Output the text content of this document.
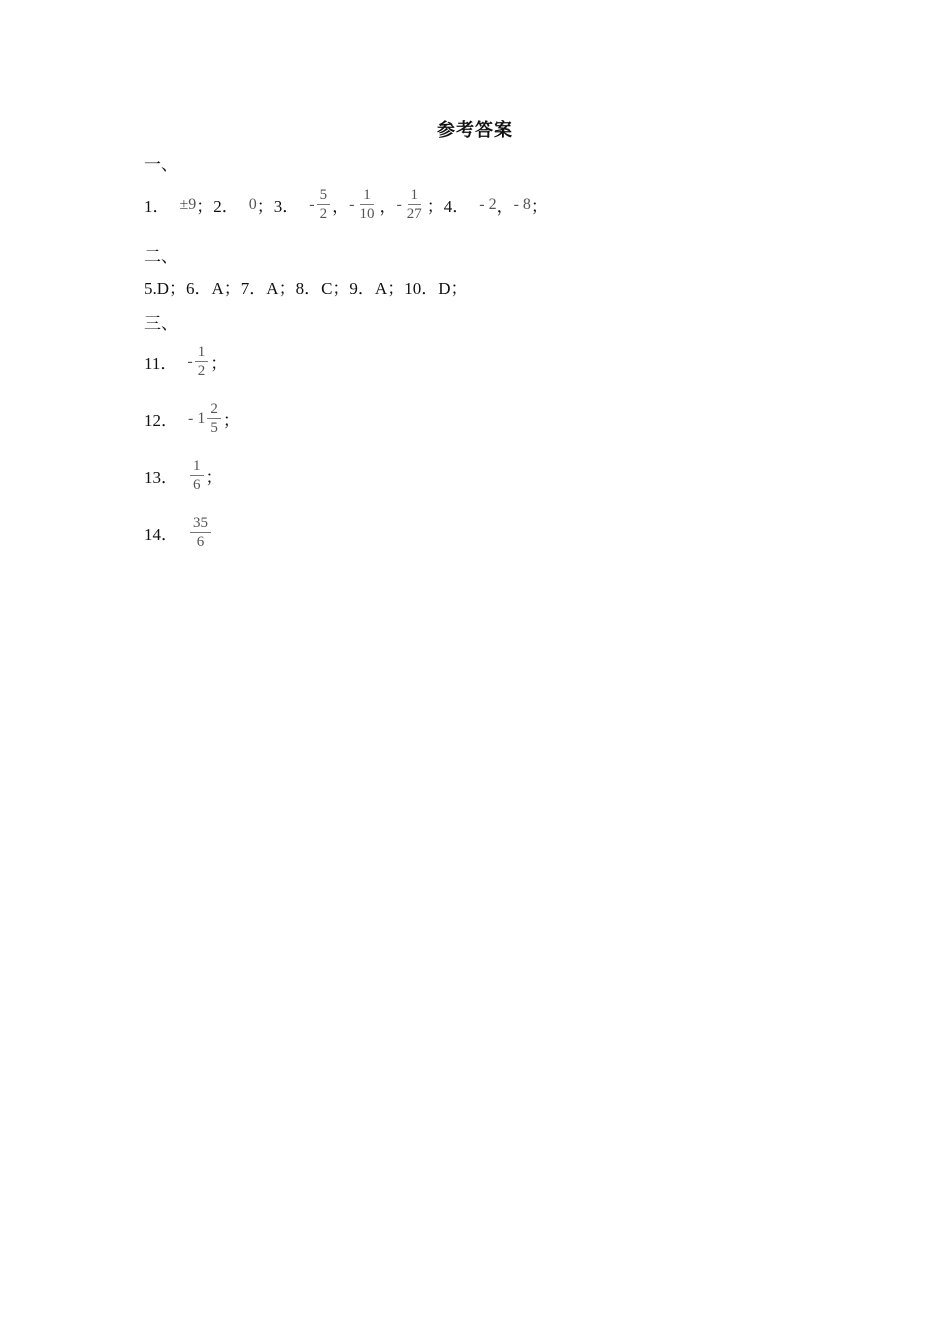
参考答案
一、
1． ±9 ； 2． 0 ； 3． - $\frac{5}{2}$ ， - $\frac{1}{10}$ ， - $\frac{1}{27}$ ； 4． - 2 ， - 8 ；
二、
5.D；6．A；7．A；8．C；9．A；10．D；
三、
11． - $\frac{1}{2}$ ；
12． - $1 \frac{2}{5}$ ；
13． $\frac{1}{6}$ ；
14． $\frac{35}{6}$
